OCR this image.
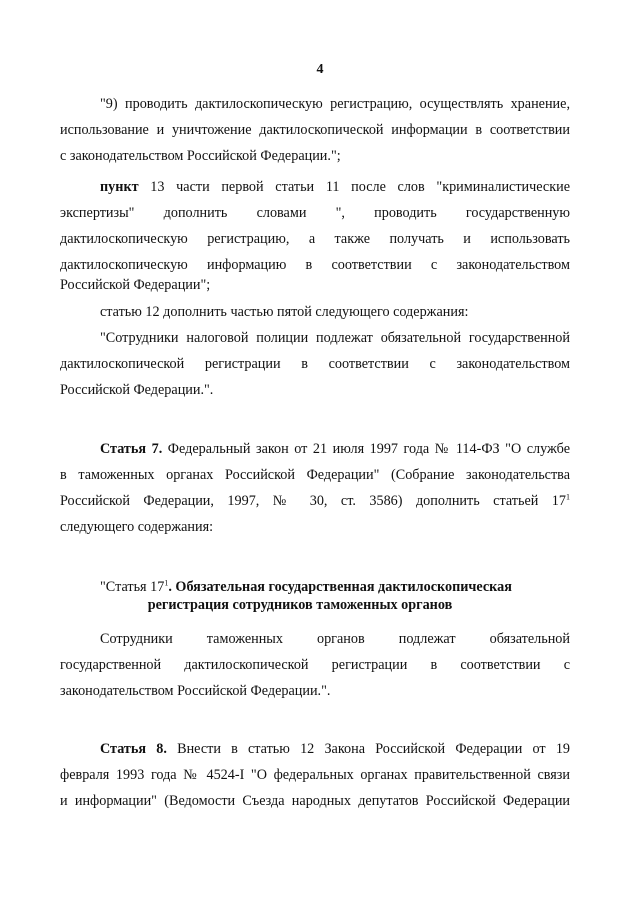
4
"9) проводить дактилоскопическую регистрацию, осуществлять хранение,
использование и уничтожение дактилоскопической информации в соответствии
с законодательством Российской Федерации.";
пункт 13 части первой статьи 11 после слов "криминалистические
экспертизы" дополнить словами ", проводить государственную
дактилоскопическую регистрацию, а также получать и использовать
дактилоскопическую информацию в соответствии с законодательством
Российской Федерации";
статью 12 дополнить частью пятой следующего содержания:
"Сотрудники налоговой полиции подлежат обязательной государственной
дактилоскопической регистрации в соответствии с законодательством
Российской Федерации.".
Статья 7. Федеральный закон от 21 июля 1997 года № 114-ФЗ "О службе
в таможенных органах Российской Федерации" (Собрание законодательства
Российской Федерации, 1997, № 30, ст. 3586) дополнить статьей $17^1$
следующего содержания:
"Статья $17^1$. Обязательная государственная дактилоскопическая
регистрация сотрудников таможенных органов
Сотрудники таможенных органов подлежат обязательной
государственной дактилоскопической регистрации в соответствии с
законодательством Российской Федерации.".
Статья 8. Внести в статью 12 Закона Российской Федерации от 19
февраля 1993 года № 4524-I "О федеральных органах правительственной связи
и информации" (Ведомости Съезда народных депутатов Российской Федерации
